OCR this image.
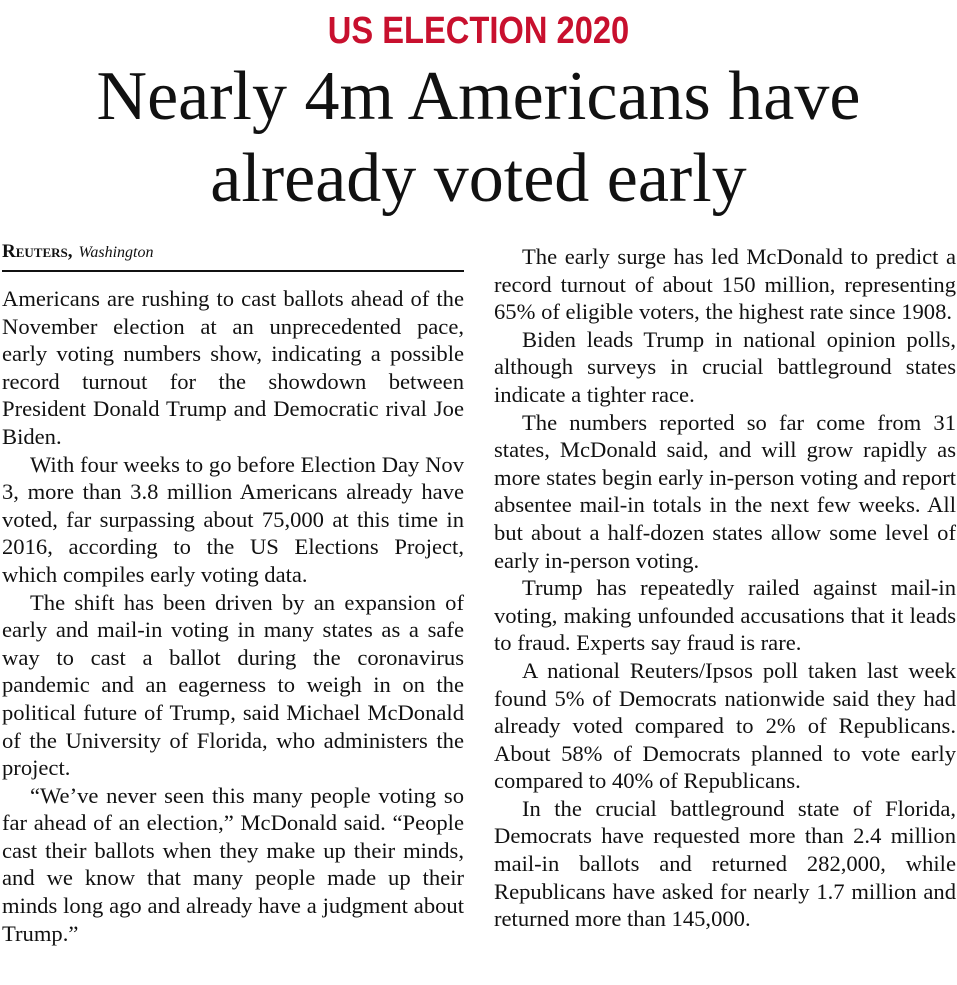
US ELECTION 2020
Nearly 4m Americans have already voted early
Reuters, Washington

Americans are rushing to cast ballots ahead of the November election at an unprecedented pace, early voting numbers show, indicating a possible record turnout for the showdown between President Donald Trump and Democratic rival Joe Biden.

With four weeks to go before Election Day Nov 3, more than 3.8 million Americans already have voted, far surpassing about 75,000 at this time in 2016, according to the US Elections Project, which compiles early voting data.

The shift has been driven by an expansion of early and mail-in voting in many states as a safe way to cast a ballot during the coronavirus pandemic and an eagerness to weigh in on the political future of Trump, said Michael McDonald of the University of Florida, who administers the project.

“We’ve never seen this many people voting so far ahead of an election,” McDonald said. “People cast their ballots when they make up their minds, and we know that many people made up their minds long ago and already have a judgment about Trump.”

The early surge has led McDonald to predict a record turnout of about 150 million, representing 65% of eligible voters, the highest rate since 1908.

Biden leads Trump in national opinion polls, although surveys in crucial battleground states indicate a tighter race.

The numbers reported so far come from 31 states, McDonald said, and will grow rapidly as more states begin early in-person voting and report absentee mail-in totals in the next few weeks. All but about a half-dozen states allow some level of early in-person voting.

Trump has repeatedly railed against mail-in voting, making unfounded accusations that it leads to fraud. Experts say fraud is rare.

A national Reuters/Ipsos poll taken last week found 5% of Democrats nationwide said they had already voted compared to 2% of Republicans. About 58% of Democrats planned to vote early compared to 40% of Republicans.

In the crucial battleground state of Florida, Democrats have requested more than 2.4 million mail-in ballots and returned 282,000, while Republicans have asked for nearly 1.7 million and returned more than 145,000.
